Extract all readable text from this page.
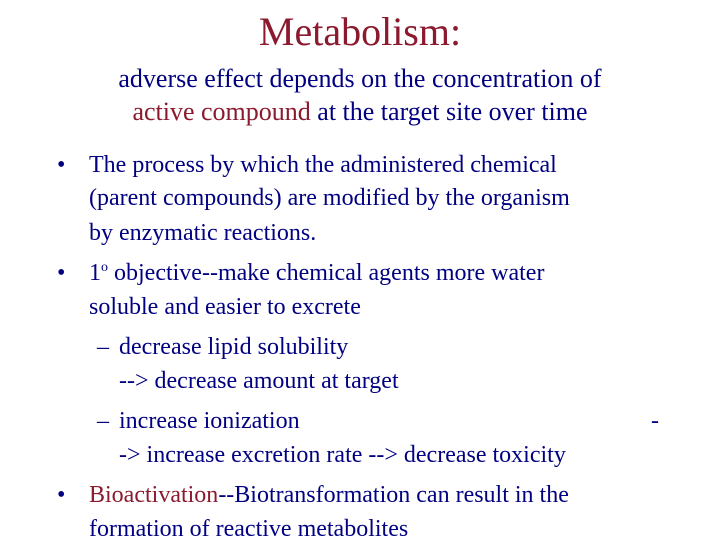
Metabolism:
adverse effect depends on the concentration of
active compound at the target site over time
• The process by which the administered chemical
(parent compounds) are modified by the organism
by enzymatic reactions.
• 1$^o$ objective--make chemical agents more water
soluble and easier to excrete
– decrease lipid solubility
--> decrease amount at target
– increase ionization	-
-> increase excretion rate --> decrease toxicity
• Bioactivation--Biotransformation can result in the
formation of reactive metabolites
